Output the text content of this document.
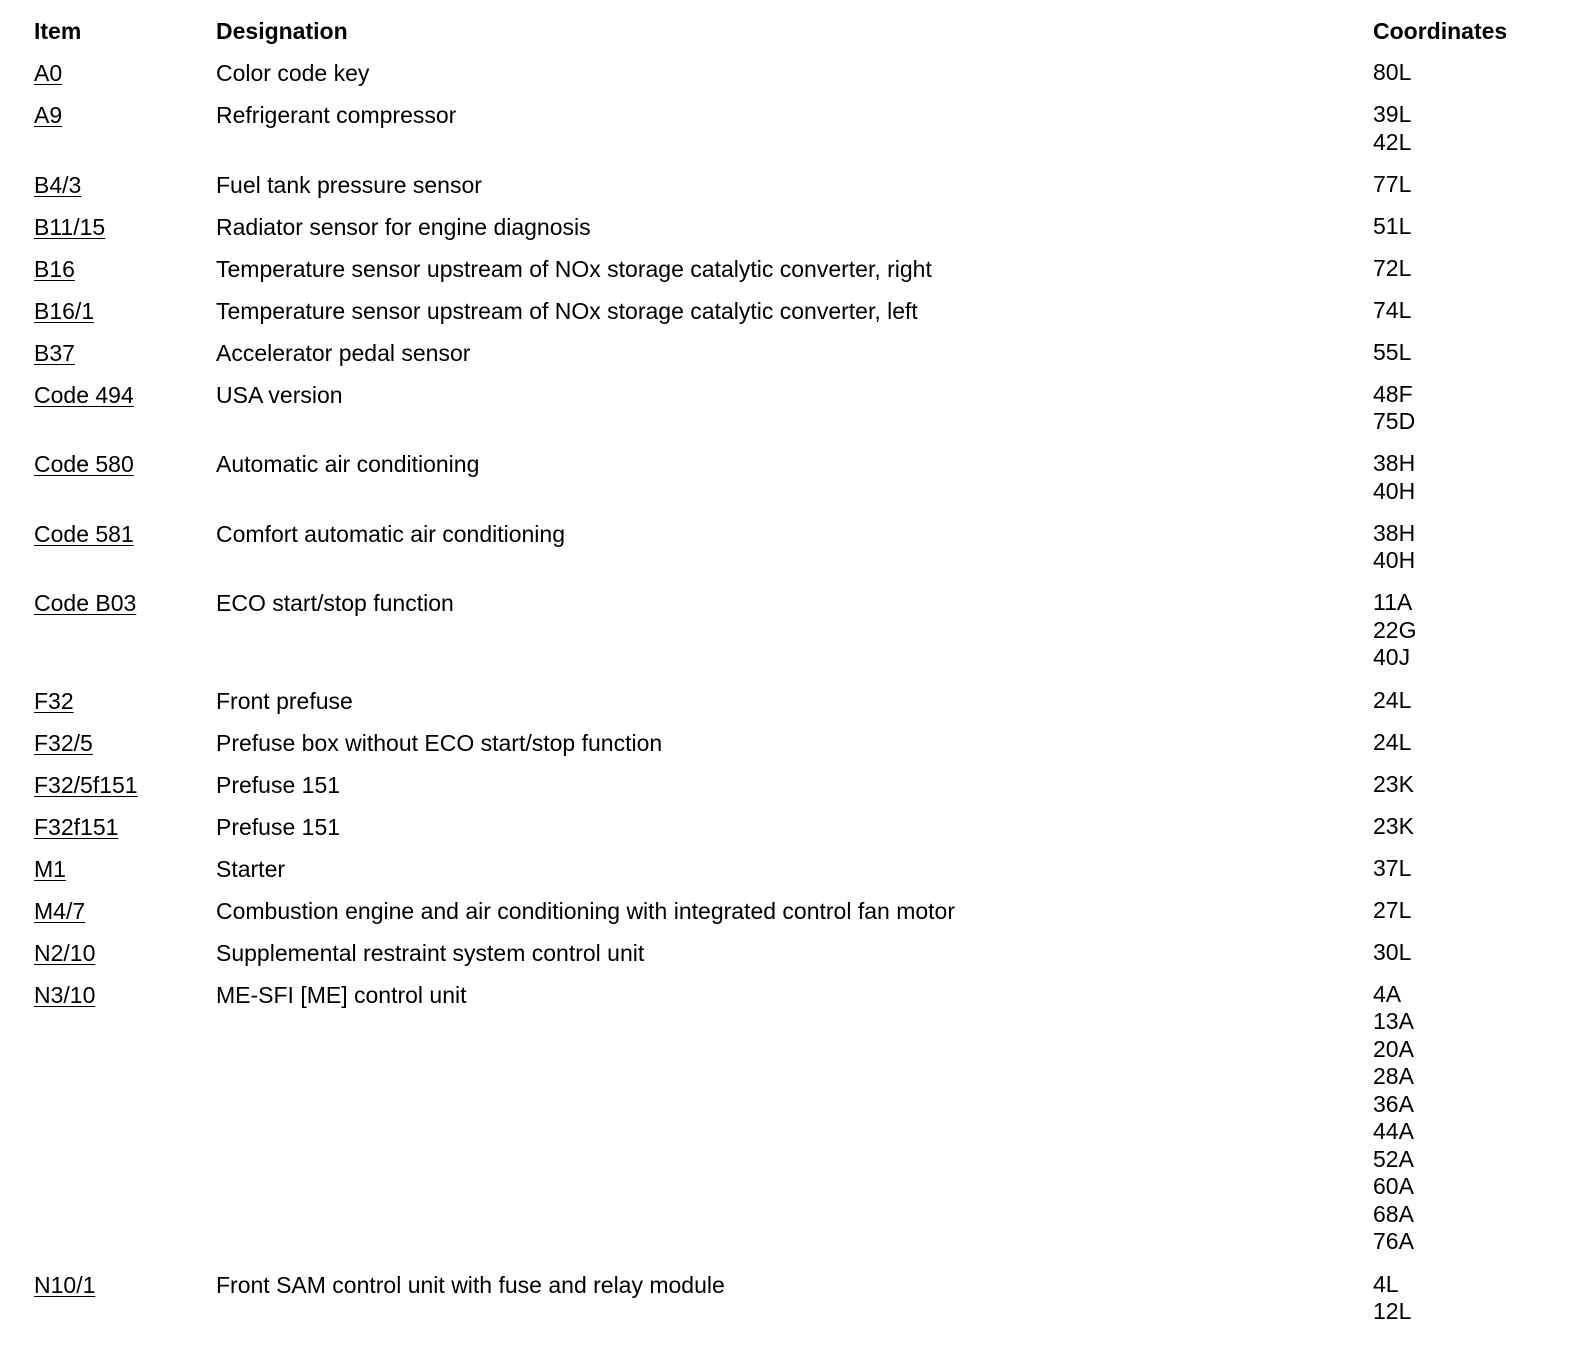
Item	Designation	Coordinates
A0	Color code key	80L
A9	Refrigerant compressor	39L
42L
B4/3	Fuel tank pressure sensor	77L
B11/15	Radiator sensor for engine diagnosis	51L
B16	Temperature sensor upstream of NOx storage catalytic converter, right	72L
B16/1	Temperature sensor upstream of NOx storage catalytic converter, left	74L
B37	Accelerator pedal sensor	55L
Code 494	USA version	48F
75D
Code 580	Automatic air conditioning	38H
40H
Code 581	Comfort automatic air conditioning	38H
40H
Code B03	ECO start/stop function	11A
22G
40J
F32	Front prefuse	24L
F32/5	Prefuse box without ECO start/stop function	24L
F32/5f151	Prefuse 151	23K
F32f151	Prefuse 151	23K
M1	Starter	37L
M4/7	Combustion engine and air conditioning with integrated control fan motor	27L
N2/10	Supplemental restraint system control unit	30L
N3/10	ME-SFI [ME] control unit	4A
13A
20A
28A
36A
44A
52A
60A
68A
76A
N10/1	Front SAM control unit with fuse and relay module	4L
12L
